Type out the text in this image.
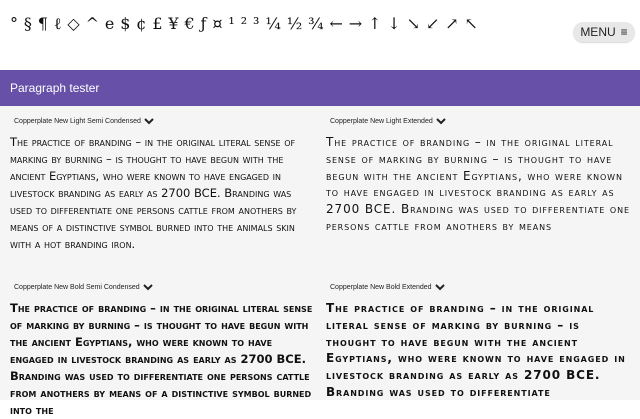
° § ¶ ℓ ◇ ^ e $ ¢ £ ¥ € ƒ ¤ ¹ ² ³ ¼ ½ ¾ ← → ↑ ↓ ↘ ↙ ↗ ↖	MENU ≡
Paragraph tester
Copperplate New Light Semi Condensed

The practice of branding – in the original literal sense of marking by burning – is thought to have begun with the ancient Egyptians, who were known to have engaged in livestock branding as early as 2700 BCE. Branding was used to differentiate one persons cattle from anothers by means of a distinctive symbol burned into the animals skin with a hot branding iron.

Copperplate New Light Extended

The practice of branding – in the original literal sense of marking by burning – is thought to have begun with the ancient Egyptians, who were known to have engaged in livestock branding as early as 2700 BCE. Branding was used to differentiate one persons cattle from anothers by means

Copperplate New Bold Semi Condensed

The practice of branding – in the original literal sense of marking by burning – is thought to have begun with the ancient Egyptians, who were known to have engaged in livestock branding as early as 2700 BCE. Branding was used to differentiate one persons cattle from anothers by means of a distinctive symbol burned into the

Copperplate New Bold Extended

The practice of branding – in the original literal sense of marking by burning – is thought to have begun with the ancient Egyptians, who were known to have engaged in livestock branding as early as 2700 BCE. Branding was used to differentiate
